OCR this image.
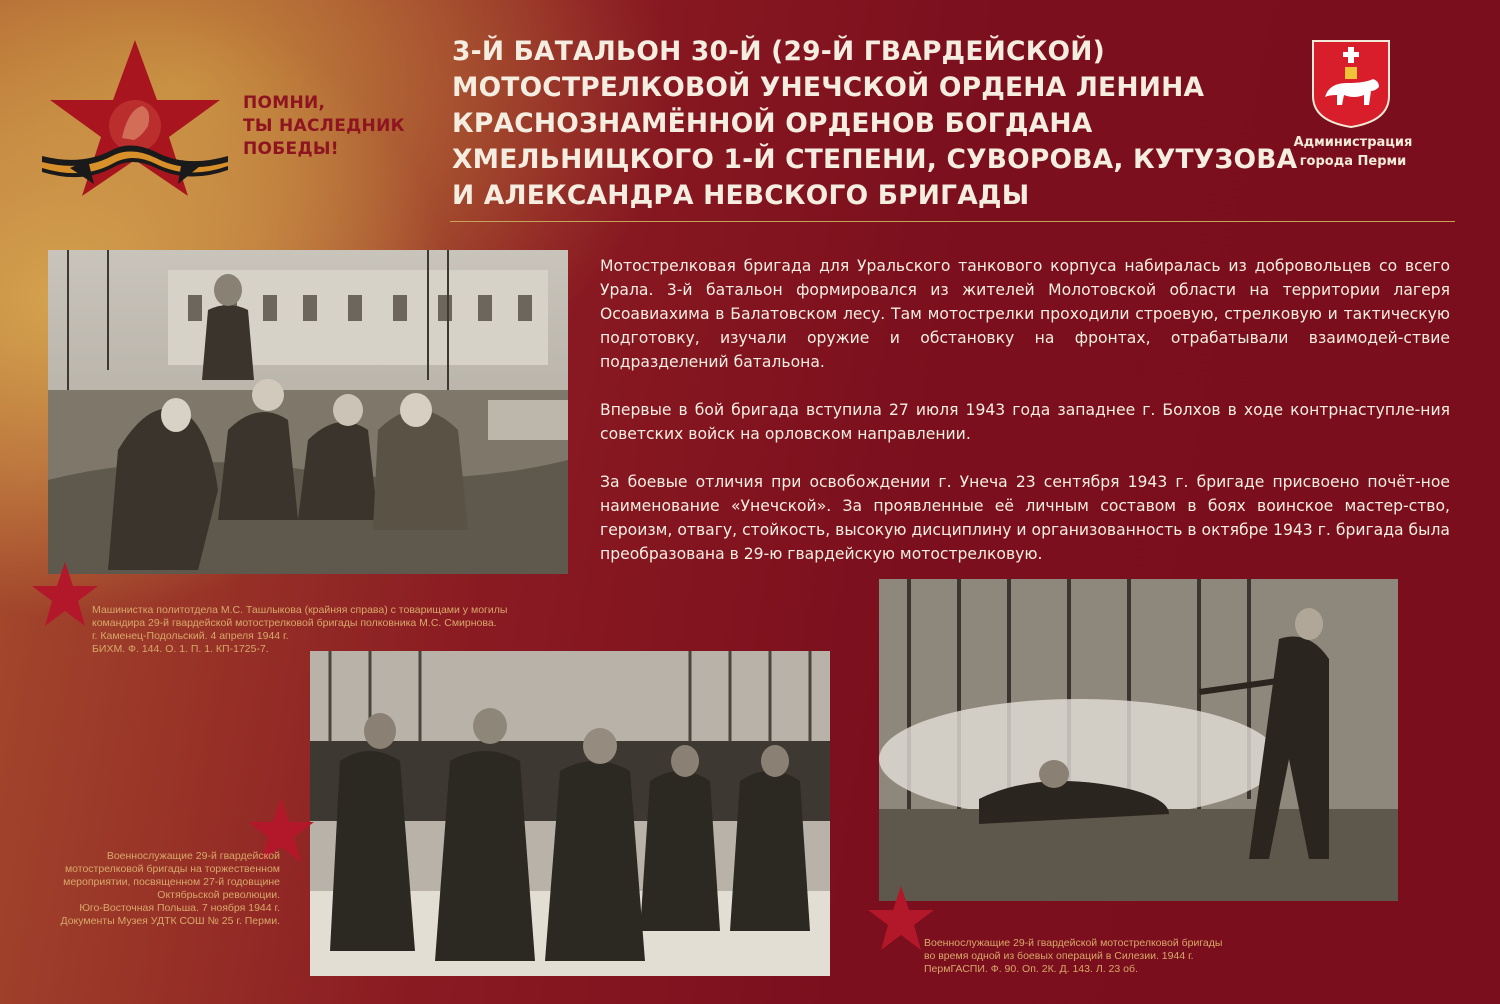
ПОМНИ,
ТЫ НАСЛЕДНИК
ПОБЕДЫ!
3-Й БАТАЛЬОН 30-Й (29-Й ГВАРДЕЙСКОЙ)
МОТОСТРЕЛКОВОЙ УНЕЧСКОЙ ОРДЕНА ЛЕНИНА
КРАСНОЗНАМЁННОЙ ОРДЕНОВ БОГДАНА
ХМЕЛЬНИЦКОГО 1-Й СТЕПЕНИ, СУВОРОВА, КУТУЗОВА
И АЛЕКСАНДРА НЕВСКОГО БРИГАДЫ
Администрация
города Перми

Мотострелковая бригада для Уральского танкового корпуса набиралась из добровольцев со всего Урала. 3-й батальон формировался из жителей Молотовской области на территории лагеря Осоавиахима в Балатовском лесу. Там мотострелки проходили строевую, стрелковую и тактическую подготовку, изучали оружие и обстановку на фронтах, отрабатывали взаимодей-ствие подразделений батальона.

Впервые в бой бригада вступила 27 июля 1943 года западнее г. Болхов в ходе контрнаступле-ния советских войск на орловском направлении.

За боевые отличия при освобождении г. Унеча 23 сентября 1943 г. бригаде присвоено почёт-ное наименование «Унечской». За проявленные её личным составом в боях воинское мастер-ство, героизм, отвагу, стойкость, высокую дисциплину и организованность в октябре 1943 г. бригада была преобразована в 29-ю гвардейскую мотострелковую.

Машинистка политотдела М.С. Ташлыкова (крайняя справа) с товарищами у могилы
командира 29-й гвардейской мотострелковой бригады полковника М.С. Смирнова.
г. Каменец-Подольский. 4 апреля 1944 г.
БИХМ. Ф. 144. О. 1. П. 1. КП-1725-7.
Военнослужащие 29-й гвардейской
мотострелковой бригады на торжественном
мероприятии, посвященном 27-й годовщине
Октябрьской революции.
Юго-Восточная Польша. 7 ноября 1944 г.
Документы Музея УДТК СОШ № 25 г. Перми.
Военнослужащие 29-й гвардейской мотострелковой бригады
во время одной из боевых операций в Силезии. 1944 г.
ПермГАСПИ. Ф. 90. Оп. 2К. Д. 143. Л. 23 об.
